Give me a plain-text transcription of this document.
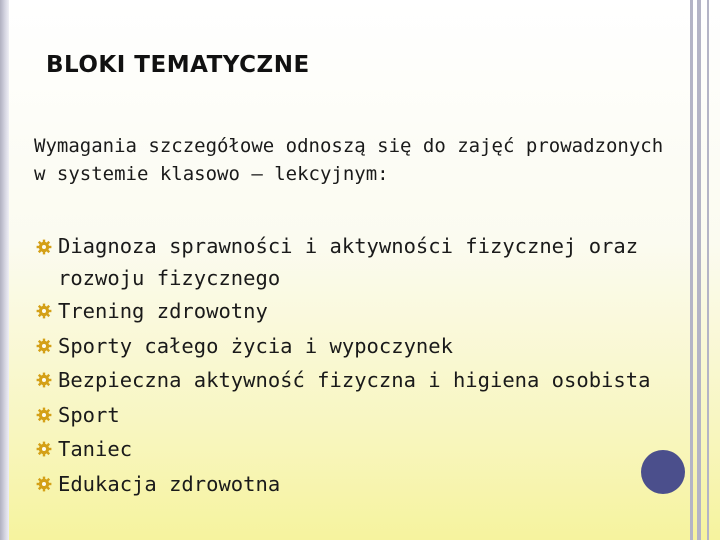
BLOKI TEMATYCZNE
Wymagania szczegółowe odnoszą się do zajęć prowadzonych w systemie klasowo – lekcyjnym:
Diagnoza sprawności i aktywności fizycznej oraz rozwoju fizycznego
Trening zdrowotny
Sporty całego życia i wypoczynek
Bezpieczna aktywność fizyczna i higiena osobista
Sport
Taniec
Edukacja zdrowotna
